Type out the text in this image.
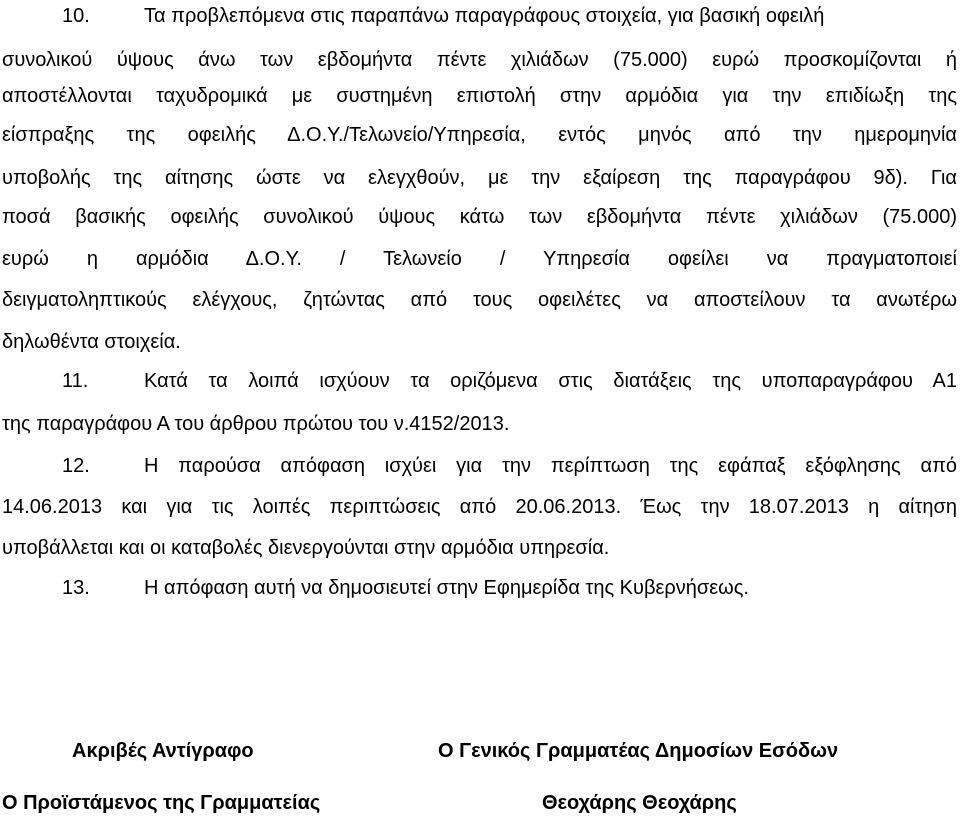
10.	Τα προβλεπόμενα στις παραπάνω παραγράφους στοιχεία, για βασική οφειλή
συνολικού ύψους άνω των εβδομήντα πέντε χιλιάδων (75.000) ευρώ προσκομίζονται ή
αποστέλλονται ταχυδρομικά με συστημένη επιστολή στην αρμόδια για την επιδίωξη της
είσπραξης της οφειλής Δ.Ο.Υ./Τελωνείο/Υπηρεσία, εντός μηνός από την ημερομηνία
υποβολής της αίτησης ώστε να ελεγχθούν, με την εξαίρεση της παραγράφου 9δ). Για
ποσά βασικής οφειλής συνολικού ύψους κάτω των εβδομήντα πέντε χιλιάδων (75.000)
ευρώ η αρμόδια Δ.Ο.Υ. / Τελωνείο / Υπηρεσία οφείλει να πραγματοποιεί
δειγματοληπτικούς ελέγχους, ζητώντας από τους οφειλέτες να αποστείλουν τα ανωτέρω
δηλωθέντα στοιχεία.
11.	Κατά τα λοιπά ισχύουν τα οριζόμενα στις διατάξεις της υποπαραγράφου Α1
της παραγράφου Α του άρθρου πρώτου του ν.4152/2013.
12.	Η παρούσα απόφαση ισχύει για την περίπτωση της εφάπαξ εξόφλησης από
14.06.2013 και για τις λοιπές περιπτώσεις από 20.06.2013. Έως την 18.07.2013 η αίτηση
υποβάλλεται και οι καταβολές διενεργούνται στην αρμόδια υπηρεσία.
13.	Η απόφαση αυτή να δημοσιευτεί στην Εφημερίδα της Κυβερνήσεως.
Ακριβές Αντίγραφο	Ο Γενικός Γραμματέας Δημοσίων Εσόδων
Ο Προϊστάμενος της Γραμματείας	Θεοχάρης Θεοχάρης
